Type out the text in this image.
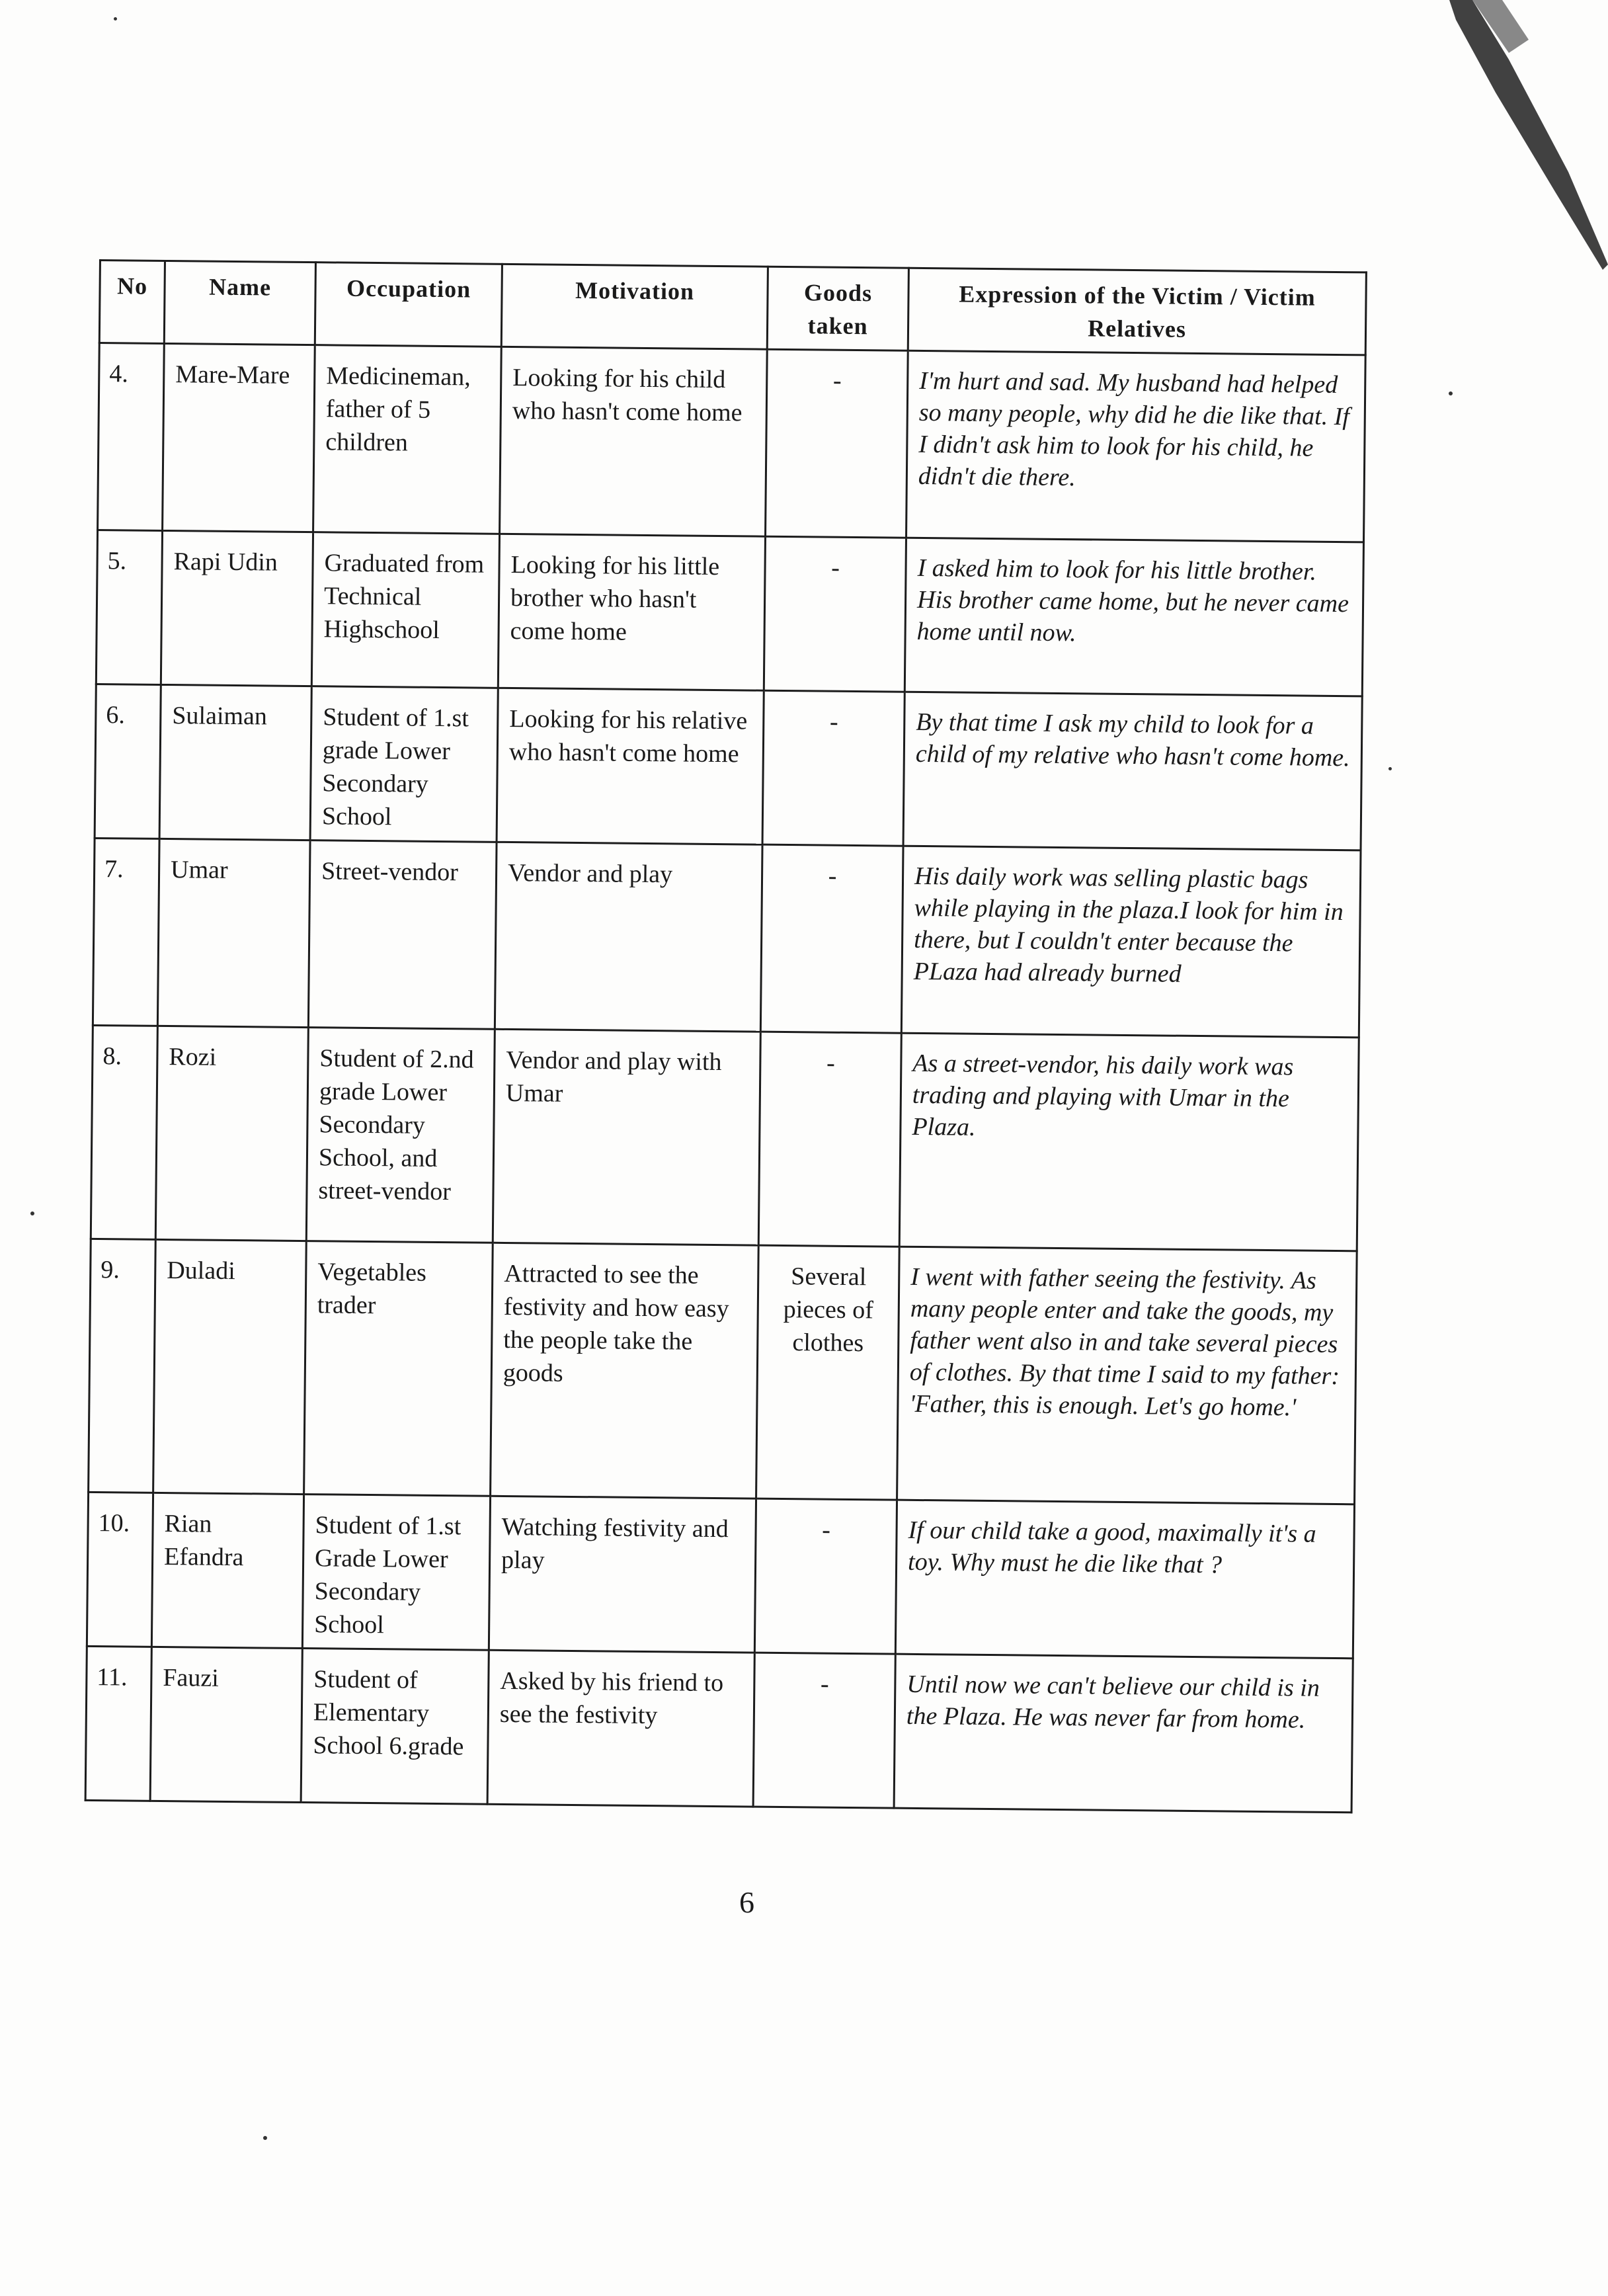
No	Name	Occupation	Motivation	Goods taken	Expression of the Victim / Victim Relatives
4.	Mare-Mare	Medicineman, father of 5 children	Looking for his child who hasn't come home	-	I'm hurt and sad. My husband had helped so many people, why did he die like that. If I didn't ask him to look for his child, he didn't die there.
5.	Rapi Udin	Graduated from Technical Highschool	Looking for his little brother who hasn't come home	-	I asked him to look for his little brother. His brother came home, but he never came home until now.
6.	Sulaiman	Student of 1.st grade Lower Secondary School	Looking for his relative who hasn't come home	-	By that time I ask my child to look for a child of my relative who hasn't come home.
7.	Umar	Street-vendor	Vendor and play	-	His daily work was selling plastic bags while playing in the plaza.I look for him in there, but I couldn't enter because the PLaza had already burned
8.	Rozi	Student of 2.nd grade Lower Secondary School, and street-vendor	Vendor and play with Umar	-	As a street-vendor, his daily work was trading and playing with Umar in the Plaza.
9.	Duladi	Vegetables trader	Attracted to see the festivity and how easy the people take the goods	Several pieces of clothes	I went with father seeing the festivity. As many people enter and take the goods, my father went also in and take several pieces of clothes. By that time I said to my father: 'Father, this is enough. Let's go home.'
10.	Rian Efandra	Student of 1.st Grade Lower Secondary School	Watching festivity and play	-	If our child take a good, maximally it's a toy. Why must he die like that ?
11.	Fauzi	Student of Elementary School 6.grade	Asked by his friend to see the festivity	-	Until now we can't believe our child is in the Plaza. He was never far from home.
6
